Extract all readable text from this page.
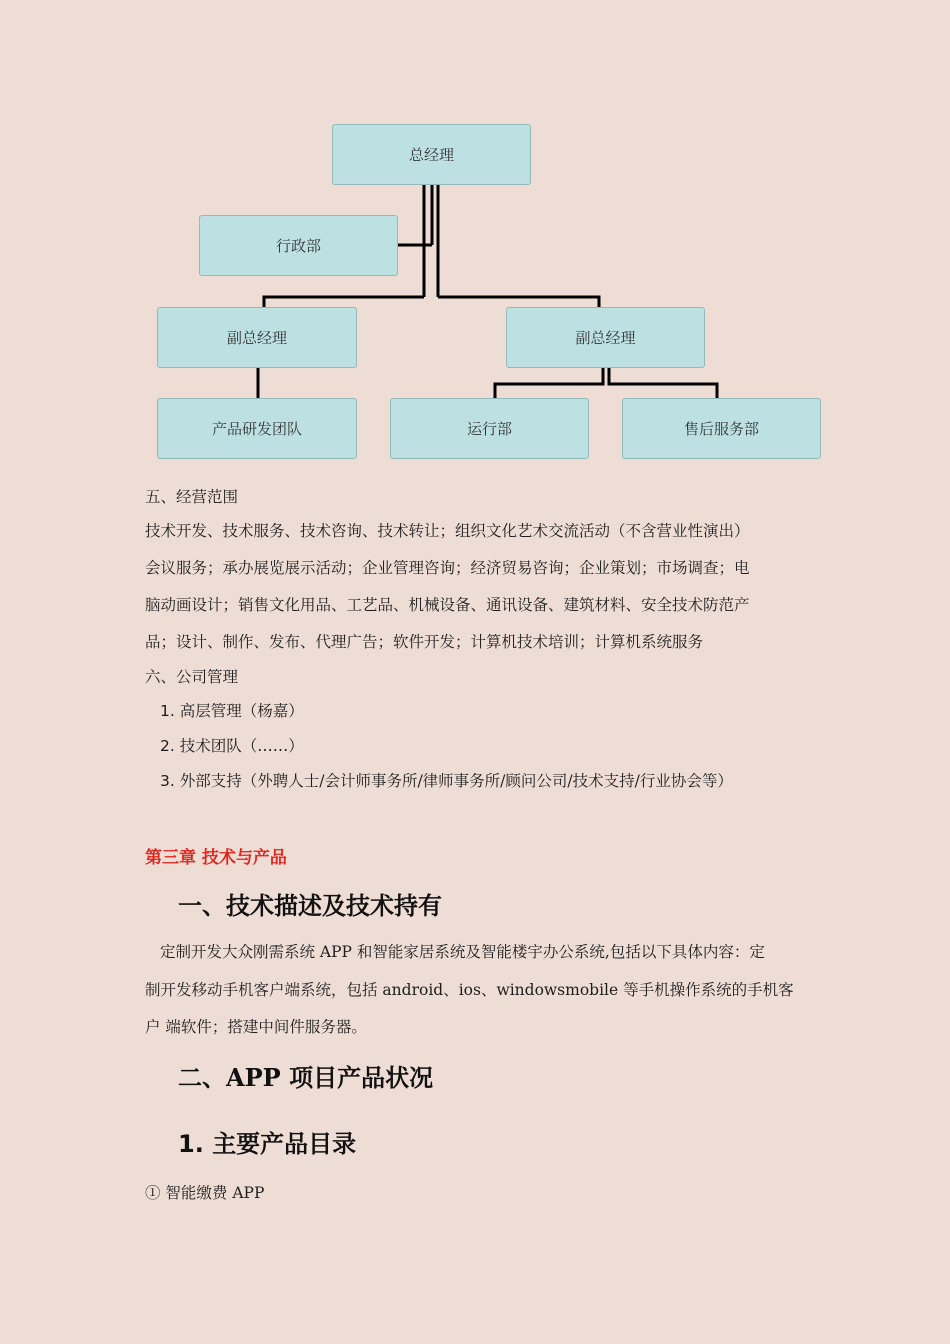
总经理
行政部
副总经理	副总经理
产品研发团队	运行部	售后服务部
五、经营范围
技术开发、技术服务、技术咨询、技术转让；组织文化艺术交流活动（不含营业性演出）
会议服务；承办展览展示活动；企业管理咨询；经济贸易咨询；企业策划；市场调查；电
脑动画设计；销售文化用品、工艺品、机械设备、通讯设备、建筑材料、安全技术防范产
品；设计、制作、发布、代理广告；软件开发；计算机技术培训；计算机系统服务
六、公司管理
1. 高层管理（杨嘉）
2. 技术团队（……）
3. 外部支持（外聘人士/会计师事务所/律师事务所/顾问公司/技术支持/行业协会等）
第三章 技术与产品
一、技术描述及技术持有
定制开发大众刚需系统 APP 和智能家居系统及智能楼宇办公系统,包括以下具体内容：定
制开发移动手机客户端系统，包括 android、ios、windowsmobile 等手机操作系统的手机客
户 端软件；搭建中间件服务器。
二、APP 项目产品状况
1. 主要产品目录
① 智能缴费 APP
